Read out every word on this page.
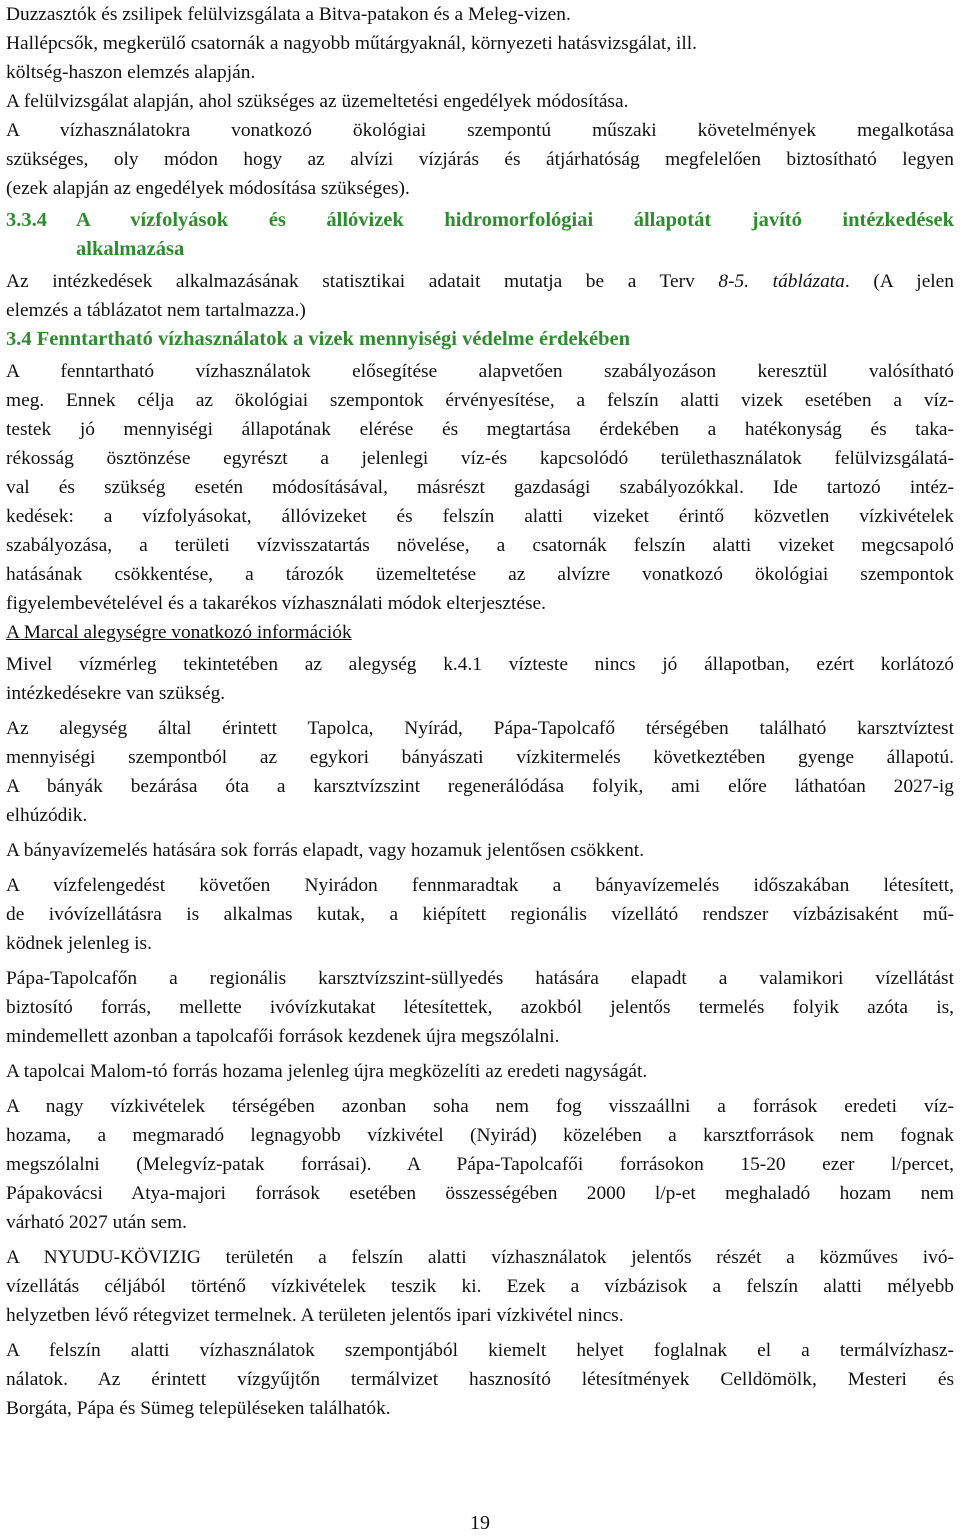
Duzzasztók és zsilipek felülvizsgálata a Bitva-patakon és a Meleg-vizen.

Hallépcsők, megkerülő csatornák a nagyobb műtárgyaknál, környezeti hatásvizsgálat, ill.

költség-haszon elemzés alapján.

A felülvizsgálat alapján, ahol szükséges az üzemeltetési engedélyek módosítása.

A vízhasználatokra vonatkozó ökológiai szempontú műszaki követelmények megalkotása
szükséges, oly módon hogy az alvízi vízjárás és átjárhatóság megfelelően biztosítható legyen
(ezek alapján az engedélyek módosítása szükséges).

3.3.4	A vízfolyások és állóvizek hidromorfológiai állapotát javító intézkedések
alkalmazása

Az intézkedések alkalmazásának statisztikai adatait mutatja be a Terv 8-5. táblázata. (A jelen
elemzés a táblázatot nem tartalmazza.)

3.4 Fenntartható vízhasználatok a vizek mennyiségi védelme érdekében

A fenntartható vízhasználatok elősegítése alapvetően szabályozáson keresztül valósítható
meg. Ennek célja az ökológiai szempontok érvényesítése, a felszín alatti vizek esetében a víz-
testek jó mennyiségi állapotának elérése és megtartása érdekében a hatékonyság és taka-
rékosság ösztönzése egyrészt a jelenlegi víz-és kapcsolódó területhasználatok felülvizsgálatá-
val és szükség esetén módosításával, másrészt gazdasági szabályozókkal. Ide tartozó intéz-
kedések: a vízfolyásokat, állóvizeket és felszín alatti vizeket érintő közvetlen vízkivételek
szabályozása, a területi vízvisszatartás növelése, a csatornák felszín alatti vizeket megcsapoló
hatásának csökkentése, a tározók üzemeltetése az alvízre vonatkozó ökológiai szempontok
figyelembevételével és a takarékos vízhasználati módok elterjesztése.

A Marcal alegységre vonatkozó információk

Mivel vízmérleg tekintetében az alegység k.4.1 vízteste nincs jó állapotban, ezért korlátozó
intézkedésekre van szükség.

Az alegység által érintett Tapolca, Nyírád, Pápa-Tapolcafő térségében található karsztvíztest
mennyiségi szempontból az egykori bányászati vízkitermelés következtében gyenge állapotú.
A bányák bezárása óta a karsztvízszint regenerálódása folyik, ami előre láthatóan 2027-ig
elhúzódik.

A bányavízemelés hatására sok forrás elapadt, vagy hozamuk jelentősen csökkent.

A vízfelengedést követően Nyirádon fennmaradtak a bányavízemelés időszakában létesített,
de ivóvízellátásra is alkalmas kutak, a kiépített regionális vízellátó rendszer vízbázisaként mű-
ködnek jelenleg is.

Pápa-Tapolcafőn a regionális karsztvízszint-süllyedés hatására elapadt a valamikori vízellátást
biztosító forrás, mellette ivóvízkutakat létesítettek, azokból jelentős termelés folyik azóta is,
mindemellett azonban a tapolcafői források kezdenek újra megszólalni.

A tapolcai Malom-tó forrás hozama jelenleg újra megközelíti az eredeti nagyságát.

A nagy vízkivételek térségében azonban soha nem fog visszaállni a források eredeti víz-
hozama, a megmaradó legnagyobb vízkivétel (Nyirád) közelében a karsztforrások nem fognak
megszólalni (Melegvíz-patak forrásai). A Pápa-Tapolcafői forrásokon 15-20 ezer l/percet,
Pápakovácsi Atya-majori források esetében összességében 2000 l/p-et meghaladó hozam nem
várható 2027 után sem.

A NYUDU-KÖVIZIG területén a felszín alatti vízhasználatok jelentős részét a közműves ivó-
vízellátás céljából történő vízkivételek teszik ki. Ezek a vízbázisok a felszín alatti mélyebb
helyzetben lévő rétegvizet termelnek. A területen jelentős ipari vízkivétel nincs.

A felszín alatti vízhasználatok szempontjából kiemelt helyet foglalnak el a termálvízhasz-
nálatok. Az érintett vízgyűjtőn termálvizet hasznosító létesítmények Celldömölk, Mesteri és
Borgáta, Pápa és Sümeg településeken találhatók.

19
